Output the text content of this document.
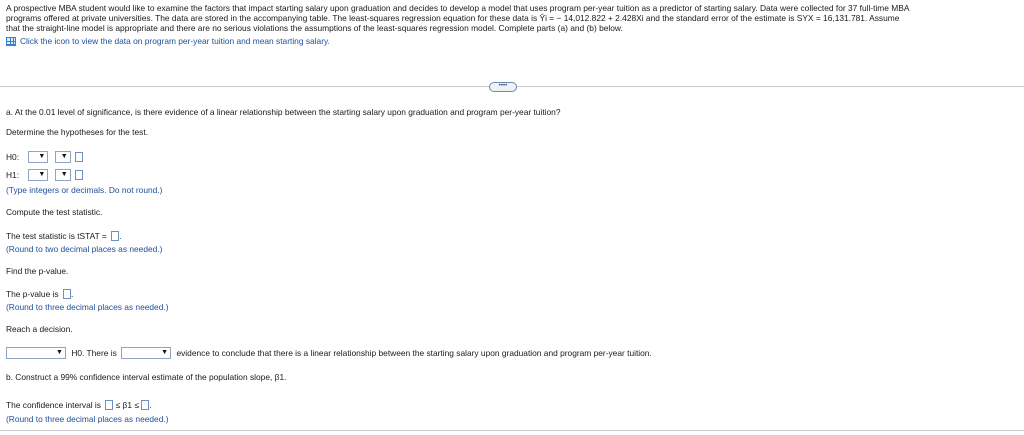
A prospective MBA student would like to examine the factors that impact starting salary upon graduation and decides to develop a model that uses program per-year tuition as a predictor of starting salary. Data were collected for 37 full-time MBA
programs offered at private universities. The data are stored in the accompanying table. The least-squares regression equation for these data is Ŷi = − 14,012.822 + 2.428Xi and the standard error of the estimate is SYX = 16,131.781. Assume
that the straight-line model is appropriate and there are no serious violations the assumptions of the least-squares regression model. Complete parts (a) and (b) below.
Click the icon to view the data on program per-year tuition and mean starting salary.
••••
a. At the 0.01 level of significance, is there evidence of a linear relationship between the starting salary upon graduation and program per-year tuition?
Determine the hypotheses for the test.
H0:	▼
▼

H1:	▼
▼

(Type integers or decimals. Do not round.)
Compute the test statistic.
The test statistic is tSTAT = .
(Round to two decimal places as needed.)
Find the p-value.
The p-value is .
(Round to three decimal places as needed.)
Reach a decision.
▼ H0. There is	▼ evidence to conclude that there is a linear relationship between the starting salary upon graduation and program per-year tuition.
b. Construct a 99% confidence interval estimate of the population slope, β1.
The confidence interval is ≤ β1 ≤ .
(Round to three decimal places as needed.)
